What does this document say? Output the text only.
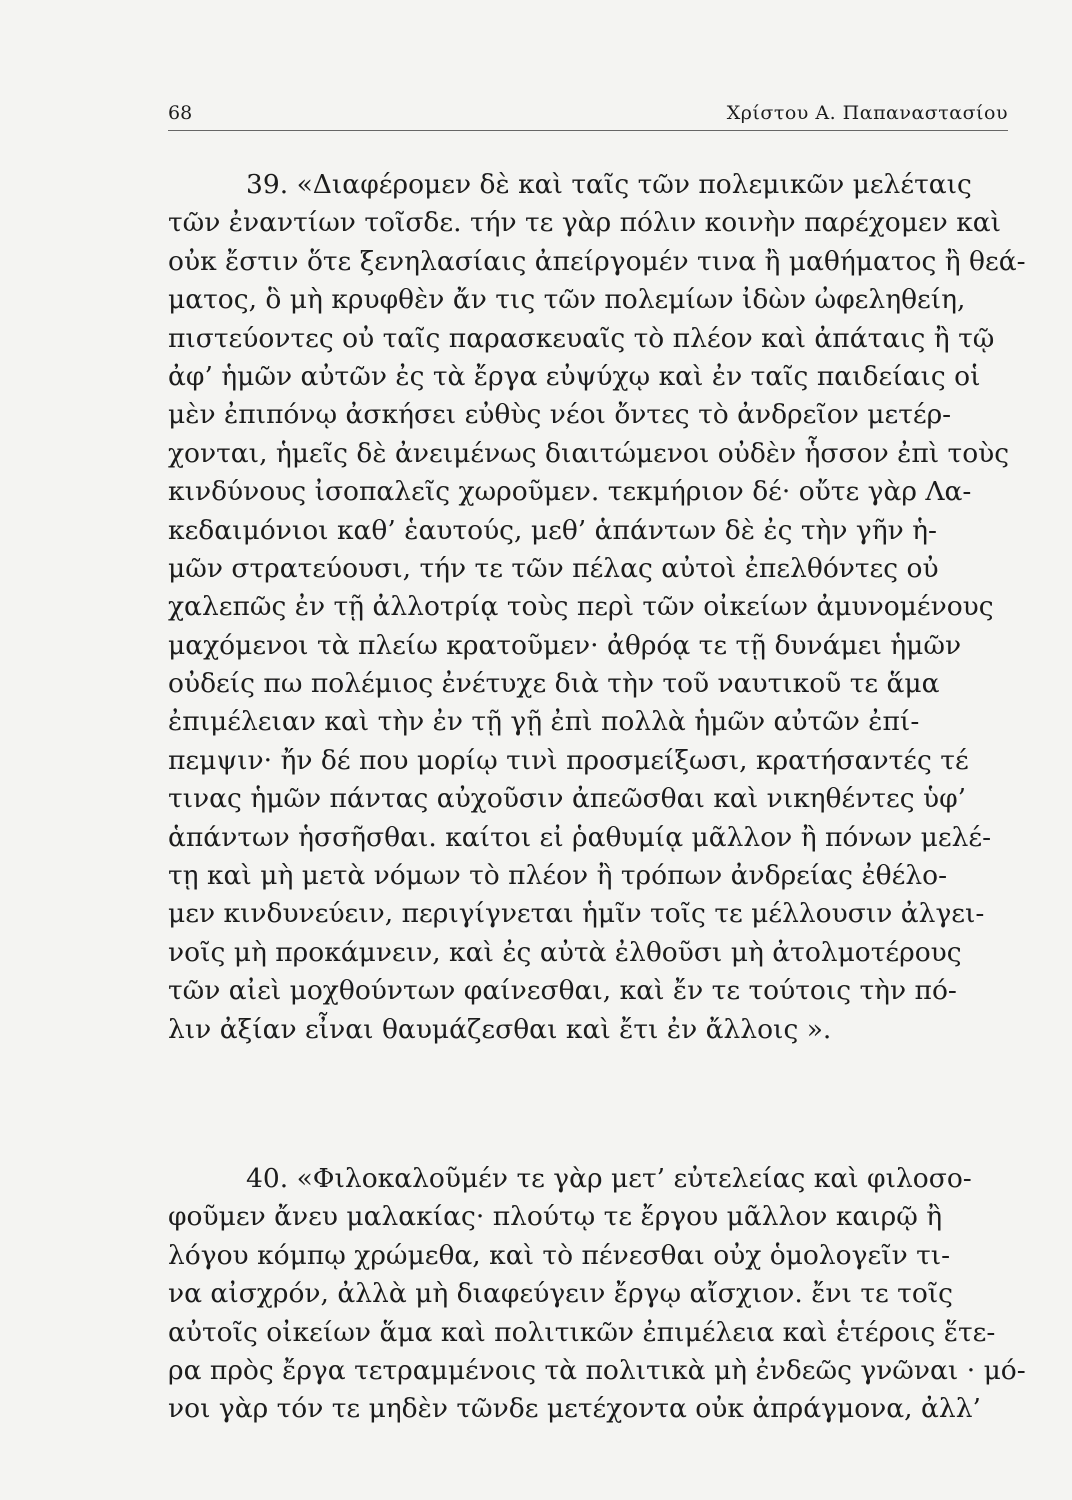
68	Χρίστου Α. Παπαναστασίου
39. «Διαφέρομεν δὲ καὶ ταῖς τῶν πολεμικῶν μελέταις
τῶν ἐναντίων τοῖσδε. τήν τε γὰρ πόλιν κοινὴν παρέχομεν καὶ
οὐκ ἔστιν ὅτε ξενηλασίαις ἀπείργομέν τινα ἢ μαθήματος ἢ θεά-
ματος, ὃ μὴ κρυφθὲν ἄν τις τῶν πολεμίων ἰδὼν ὠφεληθείη,
πιστεύοντες οὐ ταῖς παρασκευαῖς τὸ πλέον καὶ ἀπάταις ἢ τῷ
ἀφ’ ἡμῶν αὐτῶν ἐς τὰ ἔργα εὐψύχῳ καὶ ἐν ταῖς παιδείαις οἱ
μὲν ἐπιπόνῳ ἀσκήσει εὐθὺς νέοι ὄντες τὸ ἀνδρεῖον μετέρ-
χονται, ἡμεῖς δὲ ἀνειμένως διαιτώμενοι οὐδὲν ἧσσον ἐπὶ τοὺς
κινδύνους ἰσοπαλεῖς χωροῦμεν. τεκμήριον δέ· οὔτε γὰρ Λα-
κεδαιμόνιοι καθ’ ἑαυτούς, μεθ’ ἁπάντων δὲ ἐς τὴν γῆν ἡ-
μῶν στρατεύουσι, τήν τε τῶν πέλας αὐτοὶ ἐπελθόντες οὐ
χαλεπῶς ἐν τῇ ἀλλοτρίᾳ τοὺς περὶ τῶν οἰκείων ἀμυνομένους
μαχόμενοι τὰ πλείω κρατοῦμεν· ἀθρόᾳ τε τῇ δυνάμει ἡμῶν
οὐδείς πω πολέμιος ἐνέτυχε διὰ τὴν τοῦ ναυτικοῦ τε ἅμα
ἐπιμέλειαν καὶ τὴν ἐν τῇ γῇ ἐπὶ πολλὰ ἡμῶν αὐτῶν ἐπί-
πεμψιν· ἤν δέ που μορίῳ τινὶ προσμείξωσι, κρατήσαντές τέ
τινας ἡμῶν πάντας αὐχοῦσιν ἀπεῶσθαι καὶ νικηθέντες ὑφ’
ἁπάντων ἡσσῆσθαι. καίτοι εἰ ῥαθυμίᾳ μᾶλλον ἢ πόνων μελέ-
τῃ καὶ μὴ μετὰ νόμων τὸ πλέον ἢ τρόπων ἀνδρείας ἐθέλο-
μεν κινδυνεύειν, περιγίγνεται ἡμῖν τοῖς τε μέλλουσιν ἀλγει-
νοῖς μὴ προκάμνειν, καὶ ἐς αὐτὰ ἐλθοῦσι μὴ ἀτολμοτέρους
τῶν αἰεὶ μοχθούντων φαίνεσθαι, καὶ ἔν τε τούτοις τὴν πό-
λιν ἀξίαν εἶναι θαυμάζεσθαι καὶ ἔτι ἐν ἄλλοις ».
40. «Φιλοκαλοῦμέν τε γὰρ μετ’ εὐτελείας καὶ φιλοσο-
φοῦμεν ἄνευ μαλακίας· πλούτῳ τε ἔργου μᾶλλον καιρῷ ἢ
λόγου κόμπῳ χρώμεθα, καὶ τὸ πένεσθαι οὐχ ὁμολογεῖν τι-
να αἰσχρόν, ἀλλὰ μὴ διαφεύγειν ἔργῳ αἴσχιον. ἔνι τε τοῖς
αὐτοῖς οἰκείων ἅμα καὶ πολιτικῶν ἐπιμέλεια καὶ ἑτέροις ἕτε-
ρα πρὸς ἔργα τετραμμένοις τὰ πολιτικὰ μὴ ἐνδεῶς γνῶναι · μό-
νοι γὰρ τόν τε μηδὲν τῶνδε μετέχοντα οὐκ ἀπράγμονα, ἀλλ’
